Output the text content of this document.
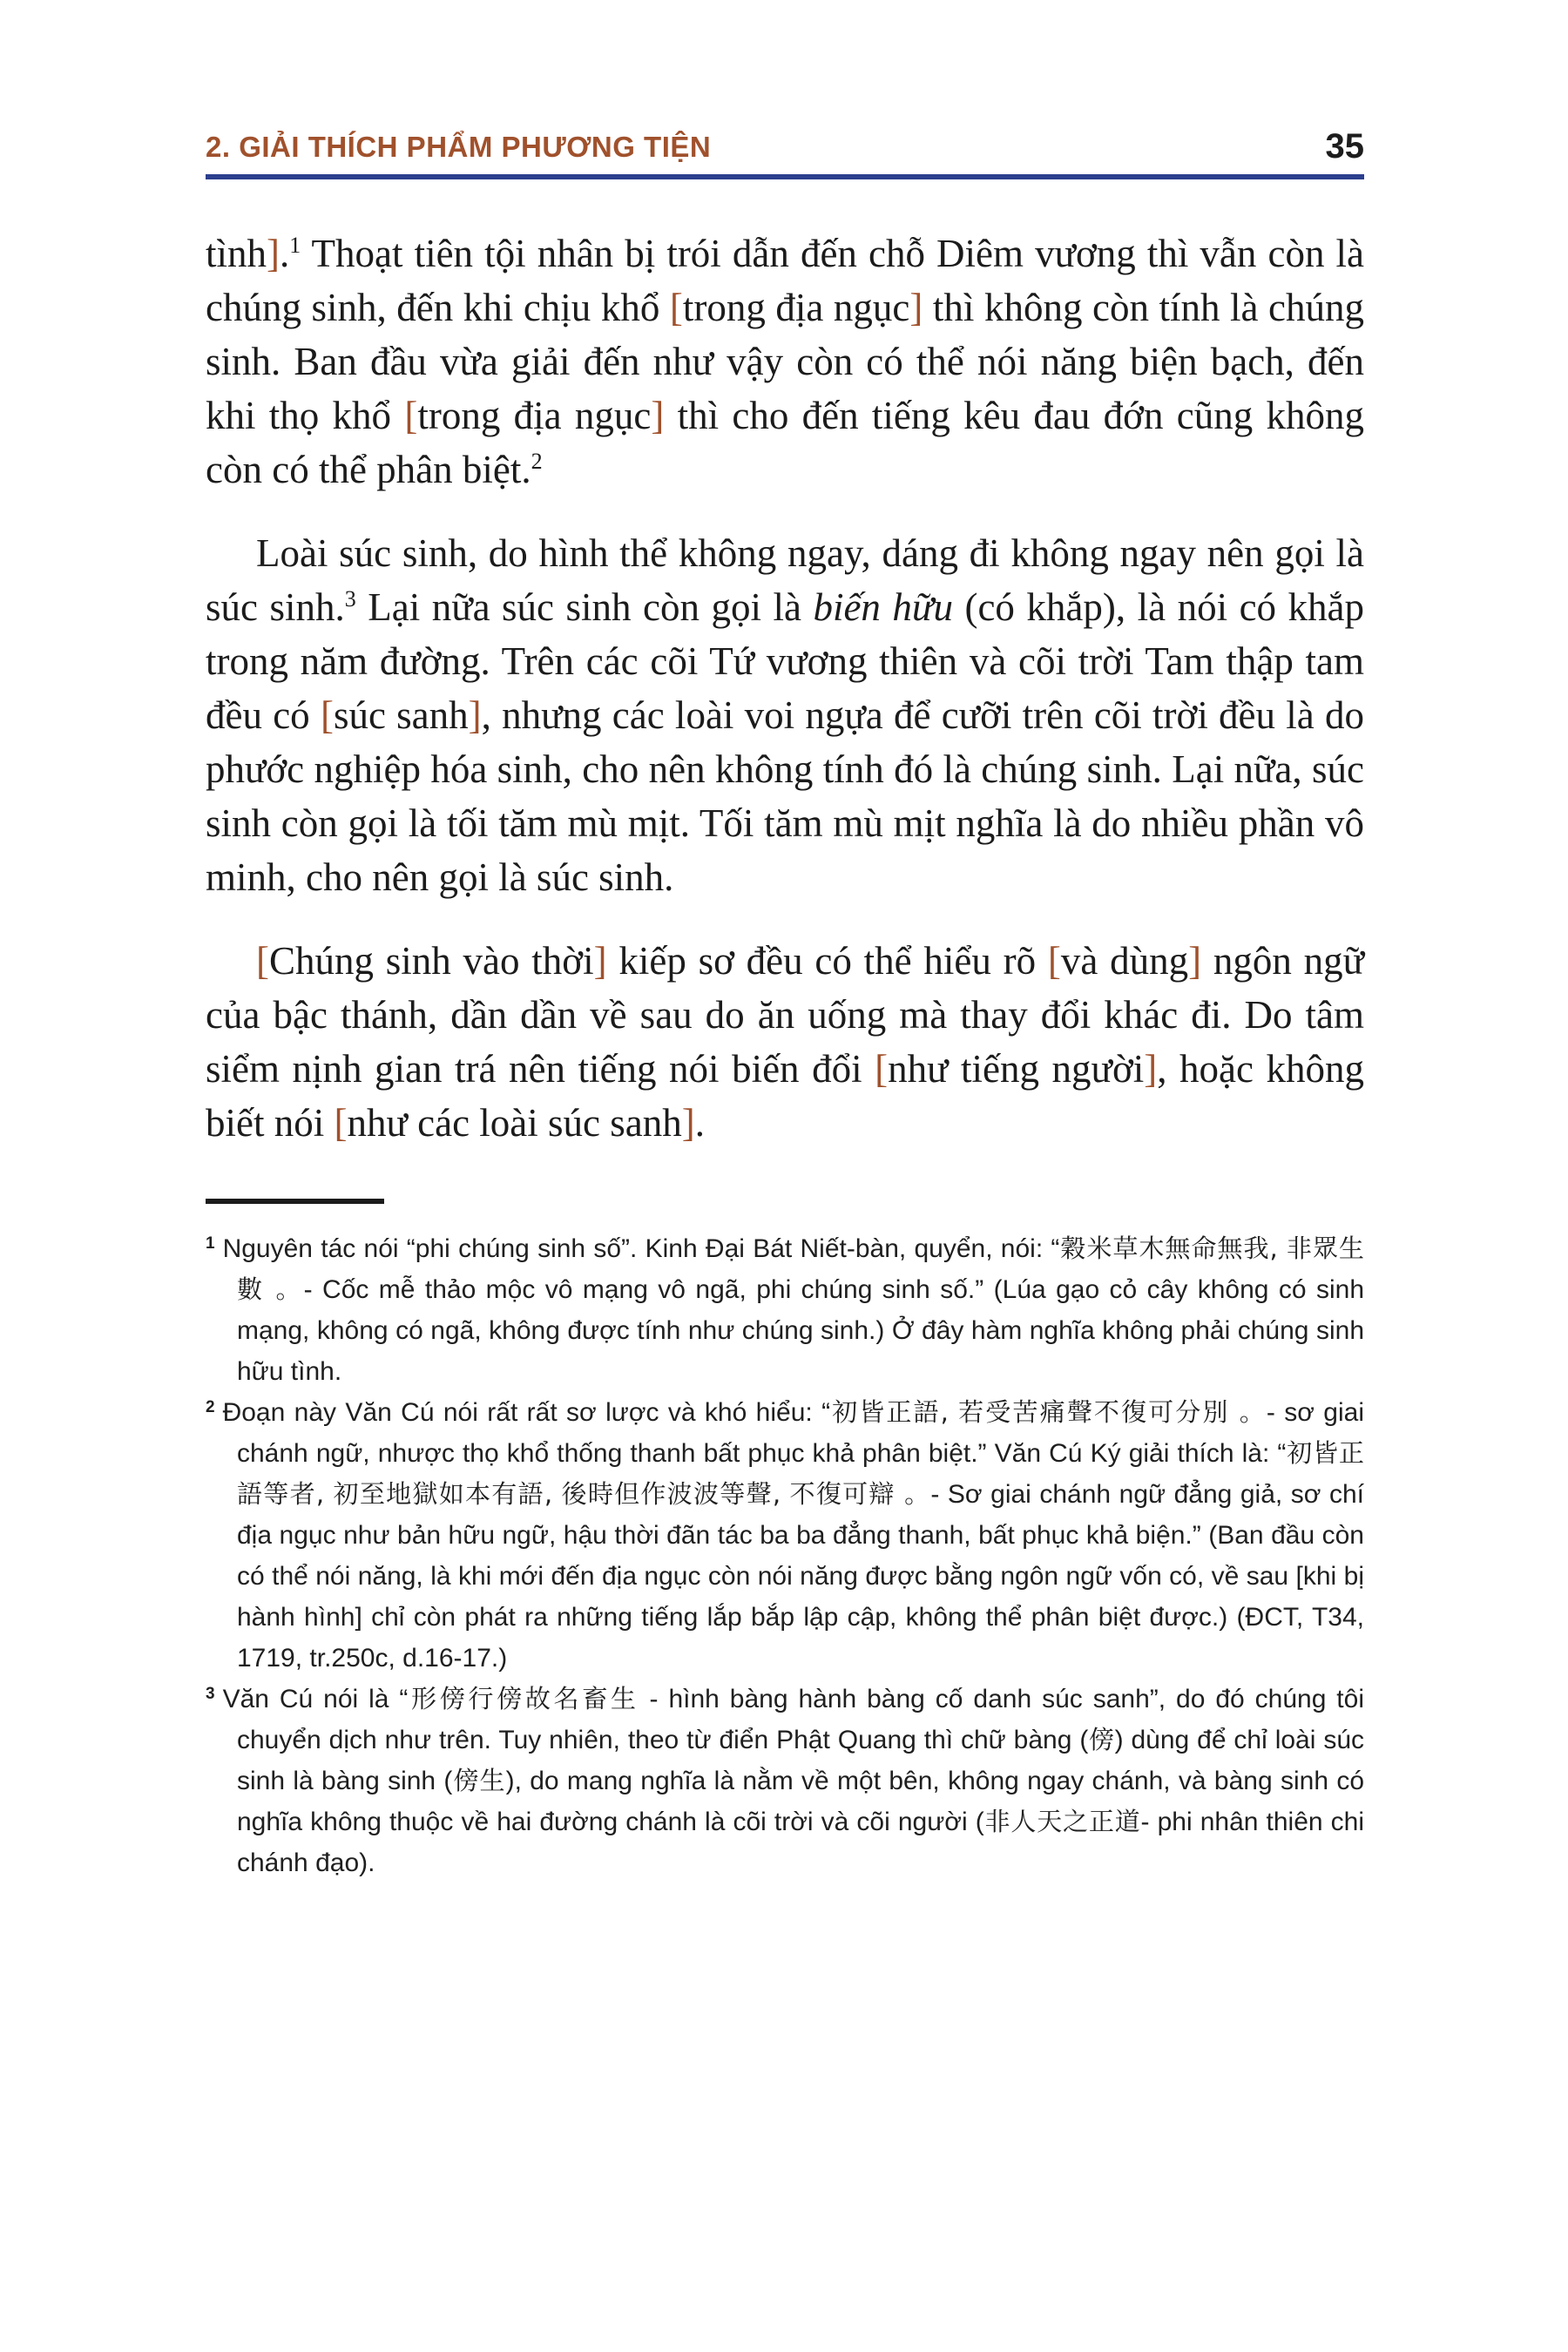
2. GIẢI THÍCH PHẨM PHƯƠNG TIỆN	35

tình].$^1$ Thoạt tiên tội nhân bị trói dẫn đến chỗ Diêm vương thì vẫn còn là chúng sinh, đến khi chịu khổ [trong địa ngục] thì không còn tính là chúng sinh. Ban đầu vừa giải đến như vậy còn có thể nói năng biện bạch, đến khi thọ khổ [trong địa ngục] thì cho đến tiếng kêu đau đớn cũng không còn có thể phân biệt.$^2$

Loài súc sinh, do hình thể không ngay, dáng đi không ngay nên gọi là súc sinh.$^3$ Lại nữa súc sinh còn gọi là biến hữu (có khắp), là nói có khắp trong năm đường. Trên các cõi Tứ vương thiên và cõi trời Tam thập tam đều có [súc sanh], nhưng các loài voi ngựa để cưỡi trên cõi trời đều là do phước nghiệp hóa sinh, cho nên không tính đó là chúng sinh. Lại nữa, súc sinh còn gọi là tối tăm mù mịt. Tối tăm mù mịt nghĩa là do nhiều phần vô minh, cho nên gọi là súc sinh.

[Chúng sinh vào thời] kiếp sơ đều có thể hiểu rõ [và dùng] ngôn ngữ của bậc thánh, dần dần về sau do ăn uống mà thay đổi khác đi. Do tâm siểm nịnh gian trá nên tiếng nói biến đổi [như tiếng người], hoặc không biết nói [như các loài súc sanh].

$^1$ Nguyên tác nói “phi chúng sinh số”. Kinh Đại Bát Niết-bàn, quyển, nói: “穀米草木無命無我, 非眾生數 。- Cốc mễ thảo mộc vô mạng vô ngã, phi chúng sinh số.” (Lúa gạo cỏ cây không có sinh mạng, không có ngã, không được tính như chúng sinh.) Ở đây hàm nghĩa không phải chúng sinh hữu tình.

$^2$ Đoạn này Văn Cú nói rất rất sơ lược và khó hiểu: “初皆正語, 若受苦痛聲不復可分別 。- sơ giai chánh ngữ, nhược thọ khổ thống thanh bất phục khả phân biệt.” Văn Cú Ký giải thích là: “初皆正語等者, 初至地獄如本有語, 後時但作波波等聲, 不復可辯 。- Sơ giai chánh ngữ đẳng giả, sơ chí địa ngục như bản hữu ngữ, hậu thời đãn tác ba ba đẳng thanh, bất phục khả biện.” (Ban đầu còn có thể nói năng, là khi mới đến địa ngục còn nói năng được bằng ngôn ngữ vốn có, về sau [khi bị hành hình] chỉ còn phát ra những tiếng lắp bắp lập cập, không thể phân biệt được.) (ĐCT, T34, 1719, tr.250c, d.16-17.)

$^3$ Văn Cú nói là “形傍行傍故名畜生 - hình bàng hành bàng cố danh súc sanh”, do đó chúng tôi chuyển dịch như trên. Tuy nhiên, theo từ điển Phật Quang thì chữ bàng (傍) dùng để chỉ loài súc sinh là bàng sinh (傍生), do mang nghĩa là nằm về một bên, không ngay chánh, và bàng sinh có nghĩa không thuộc về hai đường chánh là cõi trời và cõi người (非人天之正道- phi nhân thiên chi chánh đạo).
